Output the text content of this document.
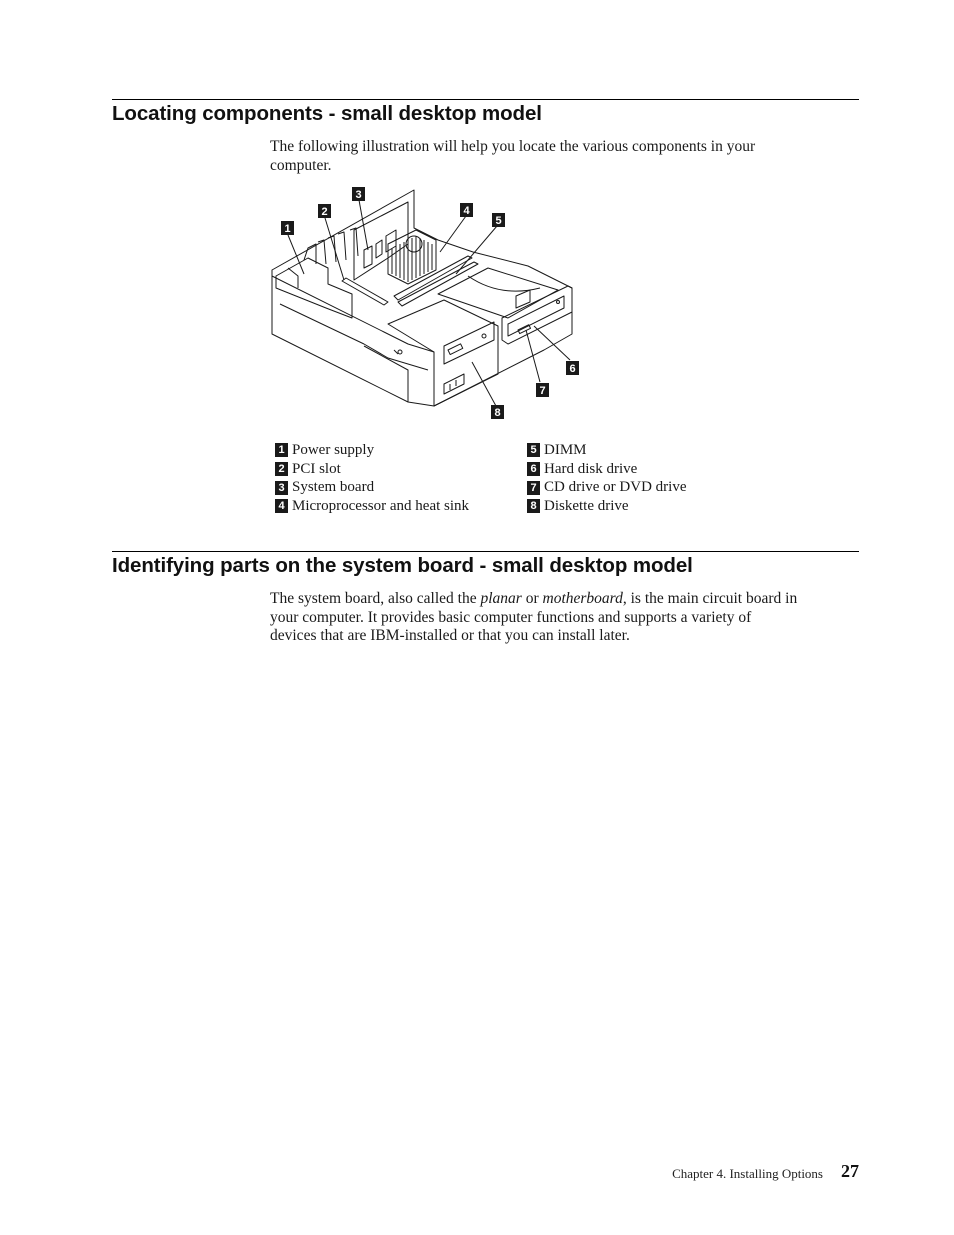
Locating components - small desktop model
The following illustration will help you locate the various components in your
computer.
1
2
3
4
5
6
7
8
1 Power supply
2 PCI slot
3 System board
4 Microprocessor and heat sink
5 DIMM
6 Hard disk drive
7 CD drive or DVD drive
8 Diskette drive
Identifying parts on the system board - small desktop model
The system board, also called the planar or motherboard, is the main circuit board in
your computer. It provides basic computer functions and supports a variety of
devices that are IBM-installed or that you can install later.
Chapter 4. Installing Options	27
